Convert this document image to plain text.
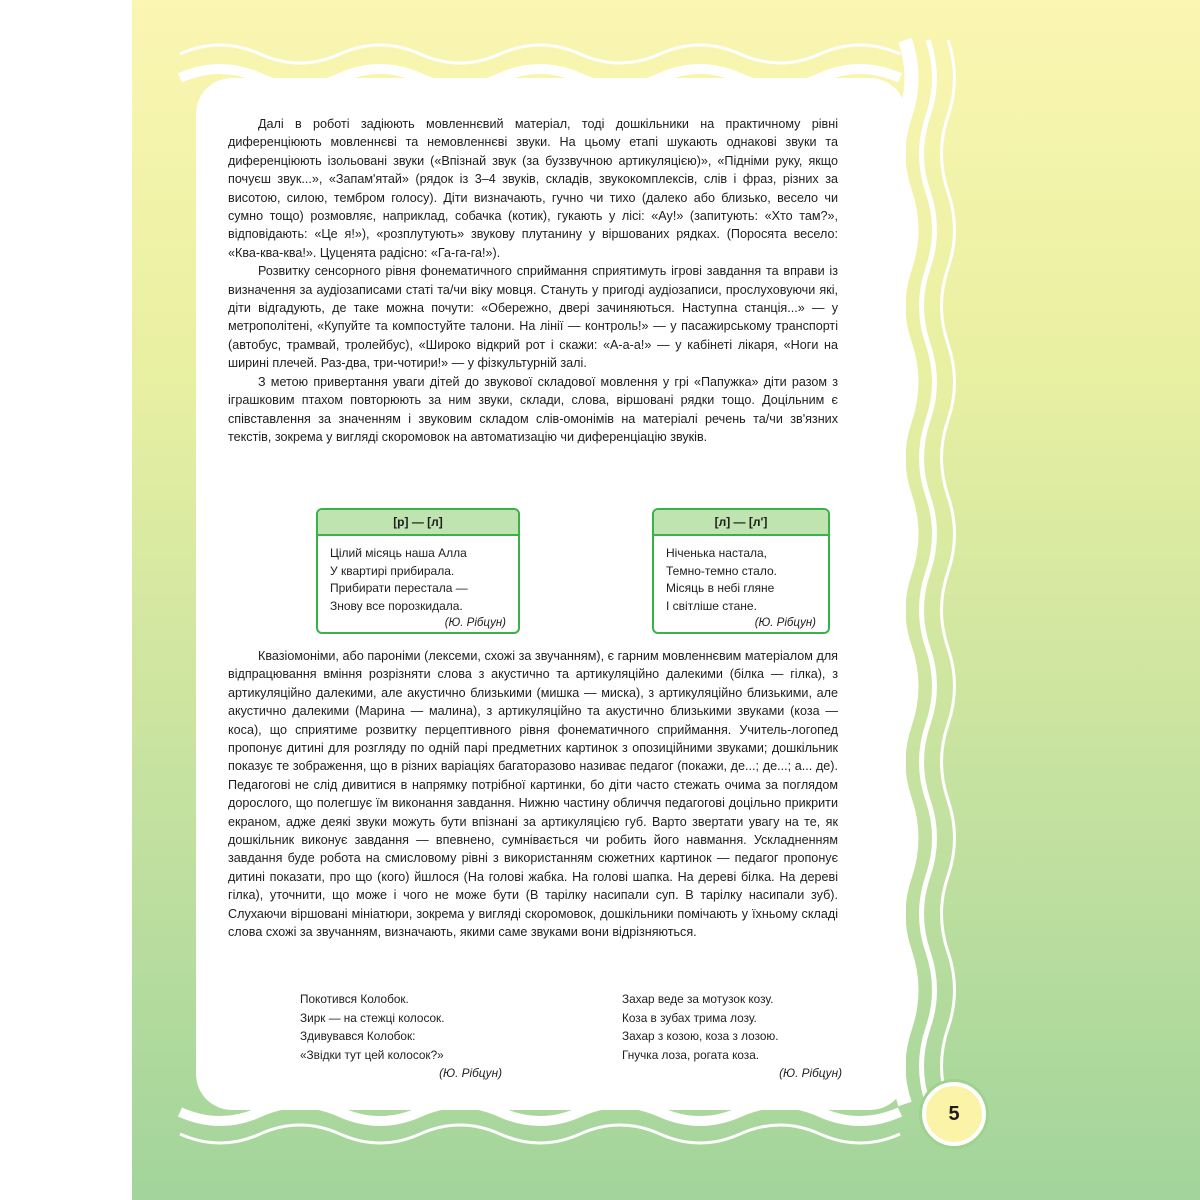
Далі в роботі задіюють мовленнєвий матеріал, тоді дошкільники на практичному рівні диференціюють мовленнєві та немовленнєві звуки. На цьому етапі шукають однакові звуки та диференціюють ізольовані звуки («Впізнай звук (за буззвучною артикуляцією)», «Підніми руку, якщо почуєш звук...», «Запам'ятай» (рядок із 3–4 звуків, складів, звукокомплексів, слів і фраз, різних за висотою, силою, тембром голосу). Діти визначають, гучно чи тихо (далеко або близько, весело чи сумно тощо) розмовляє, наприклад, собачка (котик), гукають у лісі: «Ау!» (запитують: «Хто там?», відповідають: «Це я!»), «розплутують» звукову плутанину у віршованих рядках. (Поросята весело: «Ква-ква-ква!». Цуценята радісно: «Га-га-га!»).
Розвитку сенсорного рівня фонематичного сприймання сприятимуть ігрові завдання та вправи із визначення за аудіозаписами статі та/чи віку мовця. Стануть у пригоді аудіозаписи, прослуховуючи які, діти відгадують, де таке можна почути: «Обережно, двері зачиняються. Наступна станція...» — у метрополітені, «Купуйте та компостуйте талони. На лінії — контроль!» — у пасажирському транспорті (автобус, трамвай, тролейбус), «Широко відкрий рот і скажи: «А-а-а!» — у кабінеті лікаря, «Ноги на ширині плечей. Раз-два, три-чотири!» — у фізкультурній залі.
З метою привертання уваги дітей до звукової складової мовлення у грі «Папужка» діти разом з іграшковим птахом повторюють за ним звуки, склади, слова, віршовані рядки тощо. Доцільним є співставлення за значенням і звуковим складом слів-омонімів на матеріалі речень та/чи зв'язних текстів, зокрема у вигляді скоромовок на автоматизацію чи диференціацію звуків.
[р] — [л]
Цілий місяць наша Алла
У квартирі прибирала.
Прибирати перестала —
Знову все порозкидала.
(Ю. Рібцун)
[л] — [л']
Ніченька настала,
Темно-темно стало.
Місяць в небі гляне
І світліше стане.
(Ю. Рібцун)
Квазіомоніми, або пароніми (лексеми, схожі за звучанням), є гарним мовленнєвим матеріалом для відпрацювання вміння розрізняти слова з акустично та артикуляційно далекими (білка — гілка), з артикуляційно далекими, але акустично близькими (мишка — миска), з артикуляційно близькими, але акустично далекими (Марина — малина), з артикуляційно та акустично близькими звуками (коза — коса), що сприятиме розвитку перцептивного рівня фонематичного сприймання. Учитель-логопед пропонує дитині для розгляду по одній парі предметних картинок з опозиційними звуками; дошкільник показує те зображення, що в різних варіаціях багаторазово називає педагог (покажи, де...; де...; а... де). Педагогові не слід дивитися в напрямку потрібної картинки, бо діти часто стежать очима за поглядом дорослого, що полегшує їм виконання завдання. Нижню частину обличчя педагогові доцільно прикрити екраном, адже деякі звуки можуть бути впізнані за артикуляцією губ. Варто звертати увагу на те, як дошкільник виконує завдання — впевнено, сумнівається чи робить його навмання. Ускладненням завдання буде робота на смисловому рівні з використанням сюжетних картинок — педагог пропонує дитині показати, про що (кого) йшлося (На голові жабка. На голові шапка. На дереві білка. На дереві гілка), уточнити, що може і чого не може бути (В тарілку насипали суп. В тарілку насипали зуб). Слухаючи віршовані мініатюри, зокрема у вигляді скоромовок, дошкільники помічають у їхньому складі слова схожі за звучанням, визначають, якими саме звуками вони відрізняються.
Покотився Колобок.
Зирк — на стежці колосок.
Здивувався Колобок:
«Звідки тут цей колосок?»
(Ю. Рібцун)
Захар веде за мотузок козу.
Коза в зубах трима лозу.
Захар з козою, коза з лозою.
Гнучка лоза, рогата коза.
(Ю. Рібцун)
5
